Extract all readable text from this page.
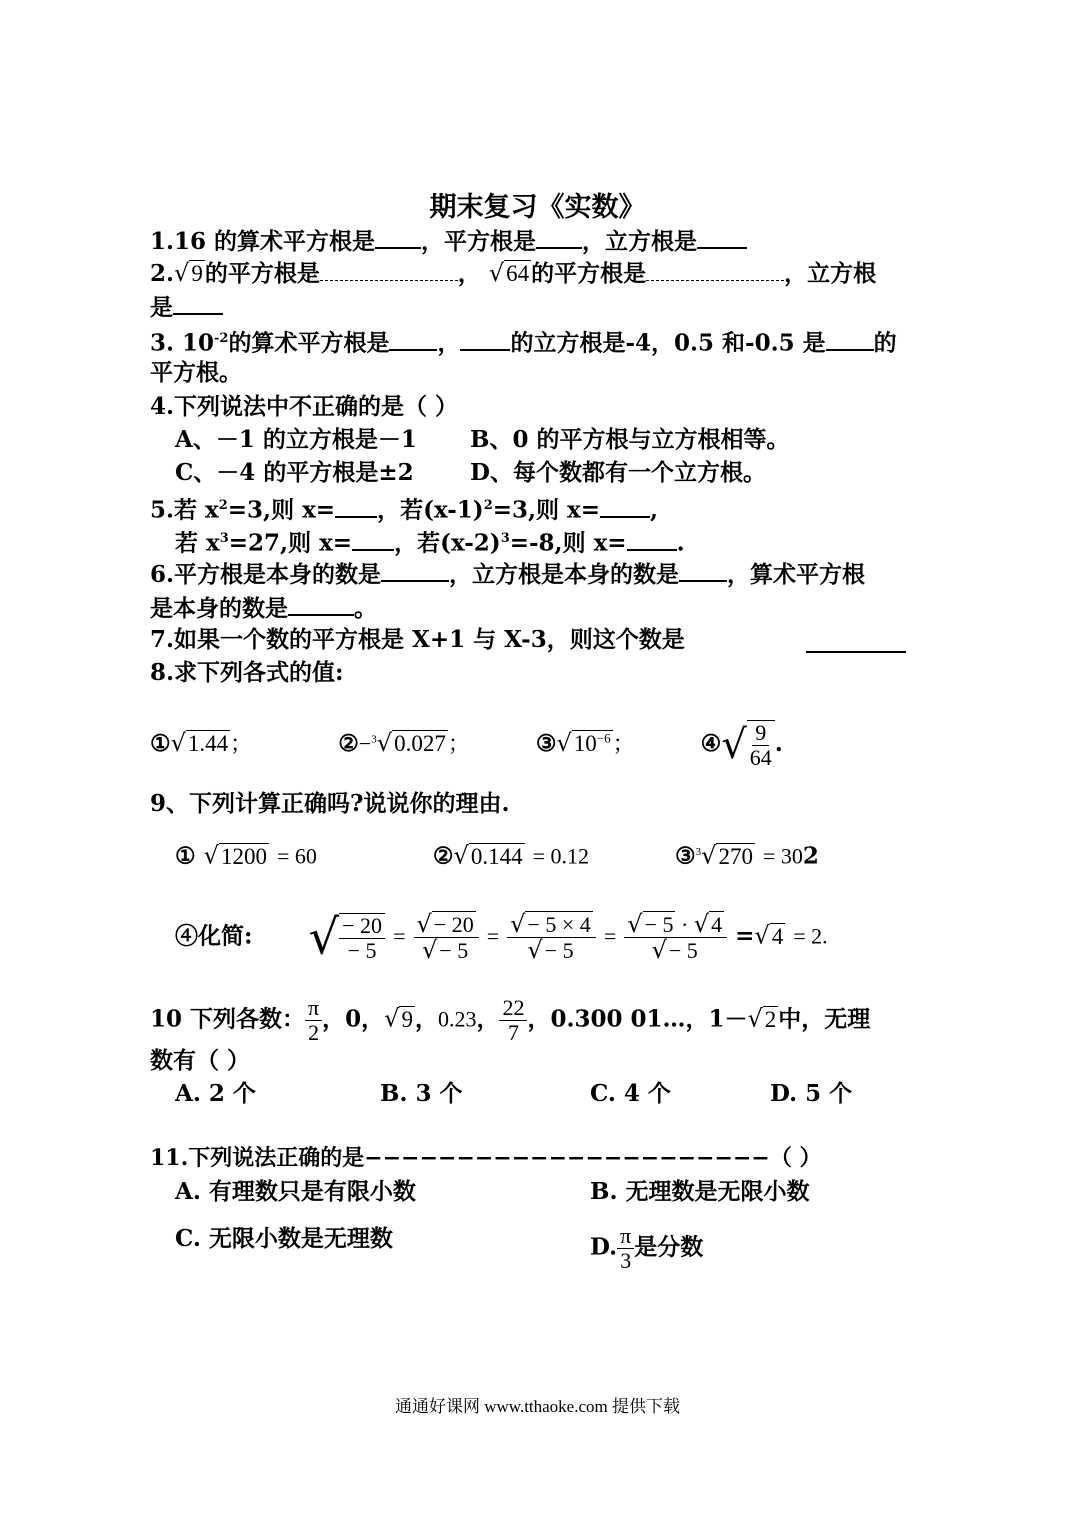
期末复习《实数》
1.16 的算术平方根是 ，平方根是 ，立方根是
2.√9的平方根是	， √64的平方根是	，立方根
是
3. $10^{-2}$的算术平方根是 ， 的立方根是-4，0.5 和-0.5 是 的
平方根。
4.下列说法中不正确的是（ ）
A、－1 的立方根是－1 B、0 的平方根与立方根相等。
C、－4 的平方根是±2 D、每个数都有一个立方根。
5.若 $x^2=3$,则 x= ，若$(x-1)^2=3$,则 x= ,
若 $x^3=27$,则 x= ，若$(x-2)^3=-8$,则 x= .
6.平方根是本身的数是	，立方根是本身的数是 ，算术平方根
是本身的数是	。
7.如果一个数的平方根是 X+1 与 X-3，则这个数是
8.求下列各式的值:
①√1.44；	②−$^3$√0.027；	$③√10^{-6}$；	④√ $\frac{9}{64}$ .
9、下列计算正确吗?说说你的理由.
① √1200 = 60	②√0.144 = 0.12	③$^3$√270 = 302
④化简: √ $\frac{- 20}{- 5} = \frac{√- 20}{√- 5} = \frac{√- 5 \times 4}{√- 5} = \frac{√- 5 \cdot √4}{√- 5} =√4 = 2$.
10 下列各数： $\frac{\pi}{2}$ ，0，√9，0.23， $\frac{22}{7}$ ，0.300 01…，1－√2中，无理
数有（ ）
A. 2 个	B. 3 个	C. 4 个	D. 5 个
11.下列说法正确的是−−−−−−−−−−−−−−−−−−−−−−（ ）
A. 有理数只是有限小数	B. 无理数是无限小数
C. 无限小数是无理数	D. $\frac{\pi}{3}$ 是分数
通通好课网 www.tthaoke.com 提供下载
